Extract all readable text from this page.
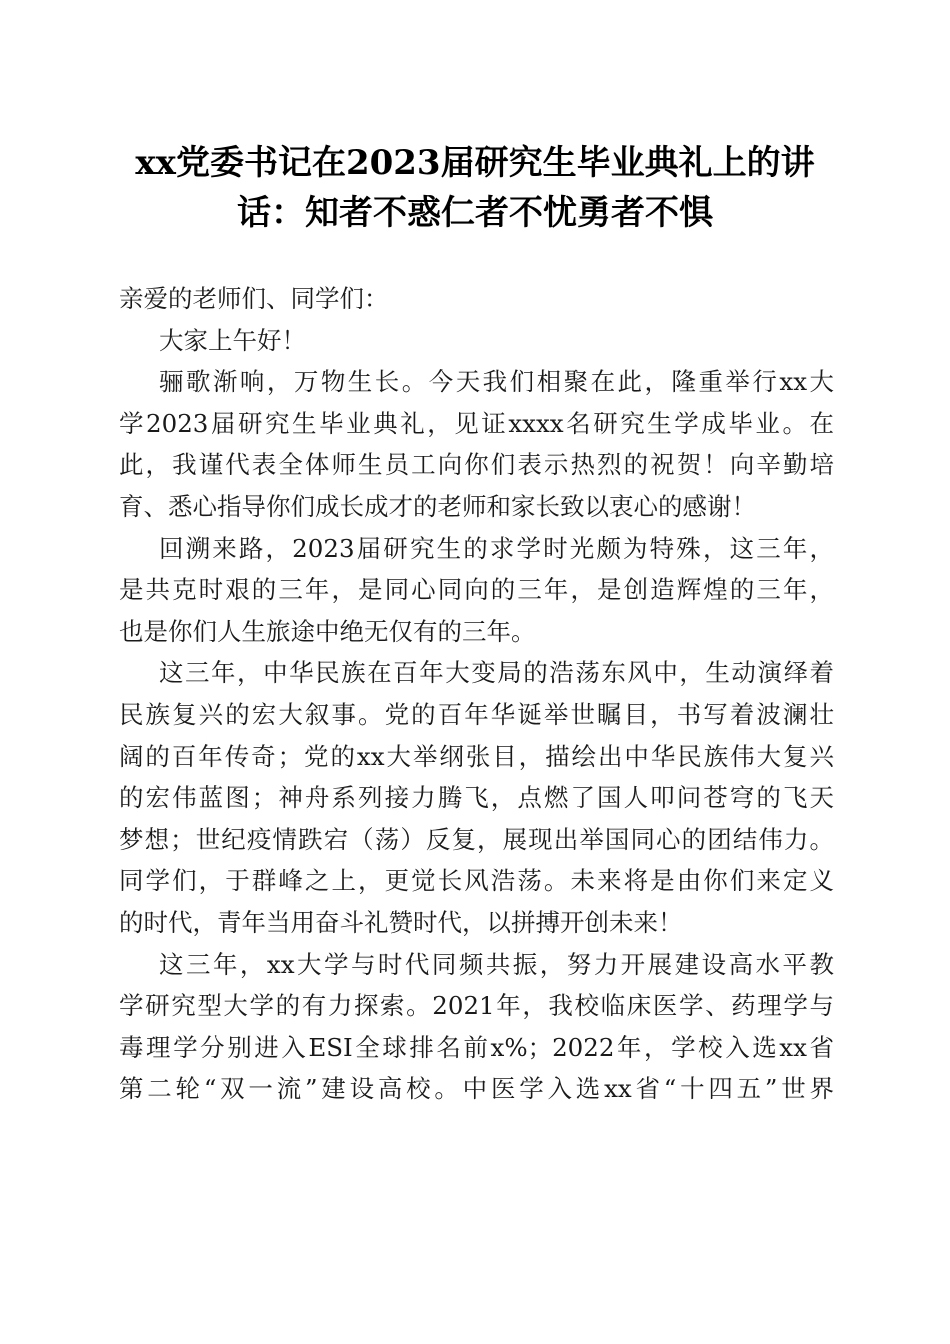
xx党委书记在2023届研究生毕业典礼上的讲
话：知者不惑仁者不忧勇者不惧
亲爱的老师们、同学们：
大家上午好！
骊歌渐响，万物生长。今天我们相聚在此，隆重举行xx大
学2023届研究生毕业典礼，见证xxxx名研究生学成毕业。在
此，我谨代表全体师生员工向你们表示热烈的祝贺！向辛勤培
育、悉心指导你们成长成才的老师和家长致以衷心的感谢！
回溯来路，2023届研究生的求学时光颇为特殊，这三年，
是共克时艰的三年，是同心同向的三年，是创造辉煌的三年，
也是你们人生旅途中绝无仅有的三年。
这三年，中华民族在百年大变局的浩荡东风中，生动演绎着
民族复兴的宏大叙事。党的百年华诞举世瞩目，书写着波澜壮
阔的百年传奇；党的xx大举纲张目，描绘出中华民族伟大复兴
的宏伟蓝图；神舟系列接力腾飞，点燃了国人叩问苍穹的飞天
梦想；世纪疫情跌宕（荡）反复，展现出举国同心的团结伟力。
同学们，于群峰之上，更觉长风浩荡。未来将是由你们来定义
的时代，青年当用奋斗礼赞时代，以拼搏开创未来！
这三年，xx大学与时代同频共振，努力开展建设高水平教
学研究型大学的有力探索。2021年，我校临床医学、药理学与
毒理学分别进入ESI全球排名前x%；2022年，学校入选xx省
第二轮“双一流”建设高校。中医学入选xx省“十四五”世界
